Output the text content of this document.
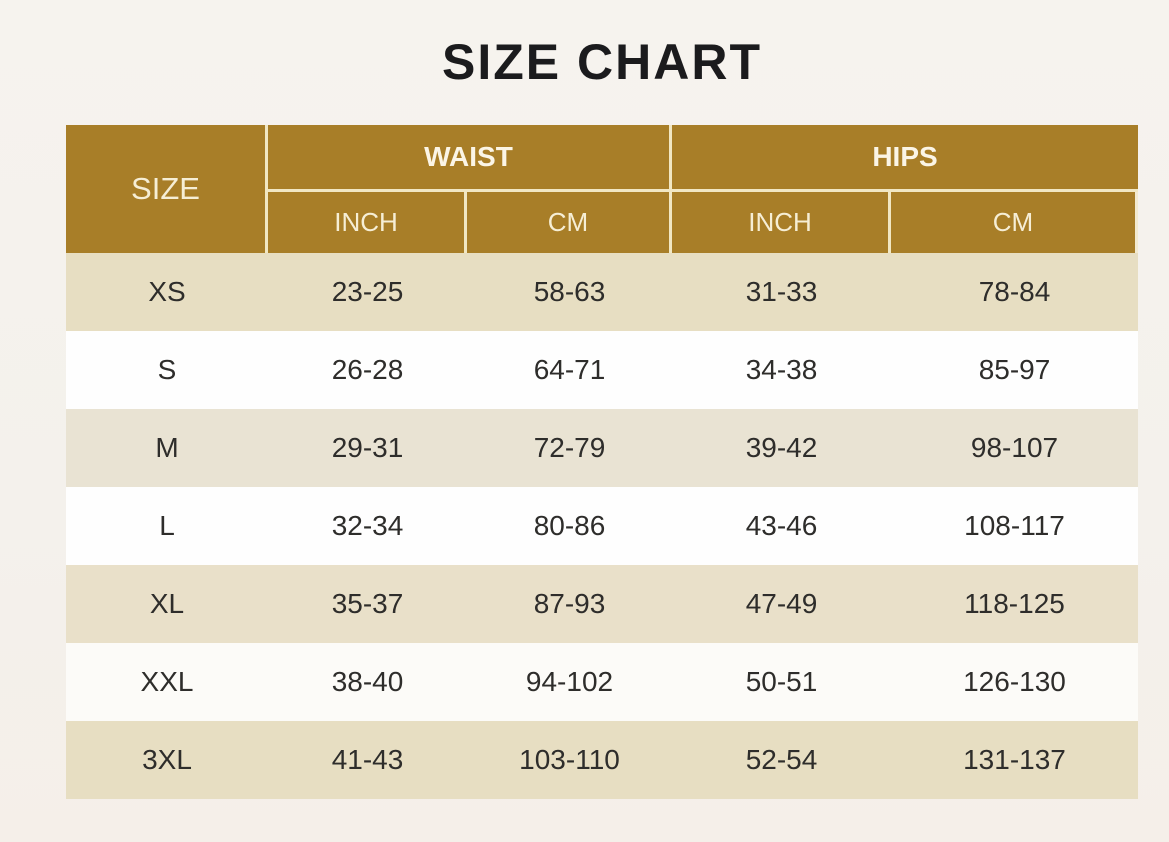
SIZE CHART
SIZE
WAIST	HIPS
INCH	CM	INCH	CM
XS	23-25	58-63	31-33	78-84
S	26-28	64-71	34-38	85-97
M	29-31	72-79	39-42	98-107
L	32-34	80-86	43-46	108-117
XL	35-37	87-93	47-49	118-125
XXL	38-40	94-102	50-51	126-130
3XL	41-43	103-110	52-54	131-137
